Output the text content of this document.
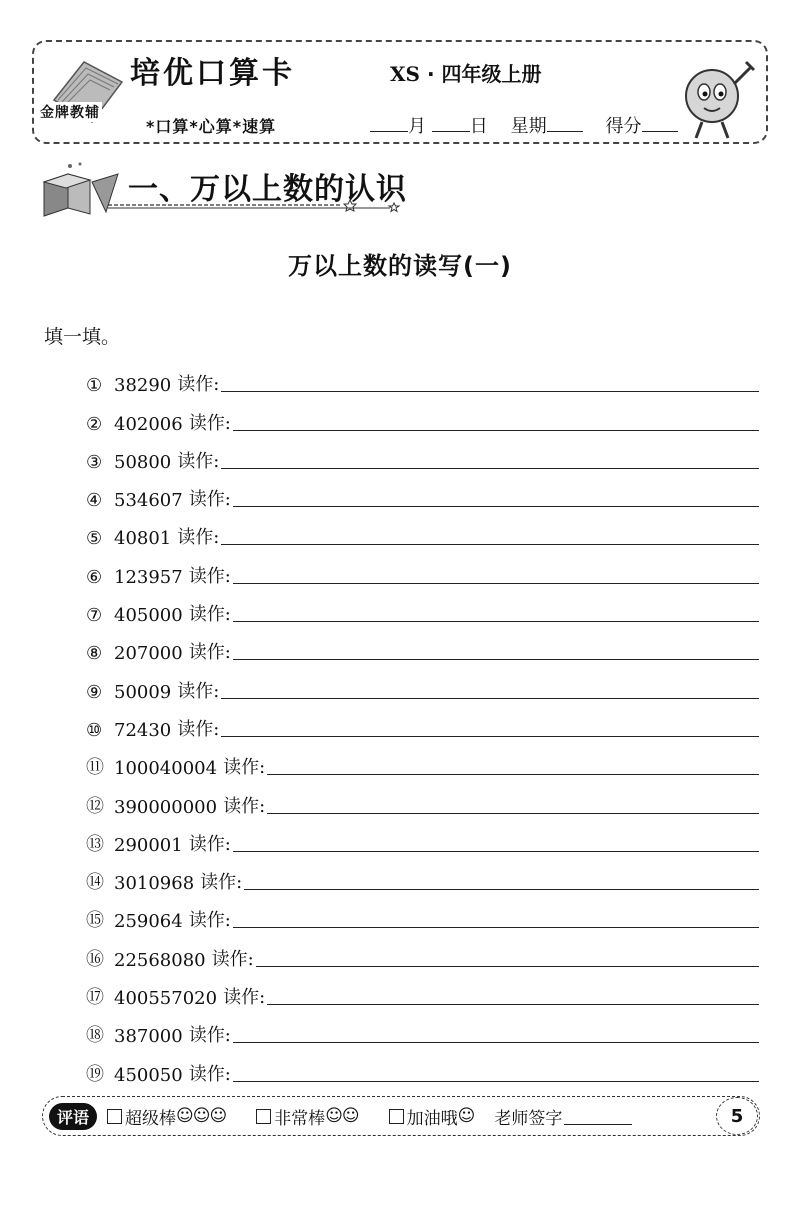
金牌教辅
培优口算卡	XS · 四年级上册
*口算*心算*速算	月 日 星期	得分
一、万以上数的认识
万以上数的读写(一)
填一填。
① 38290 读作:
② 402006 读作:
③ 50800 读作:
④ 534607 读作:
⑤ 40801 读作:
⑥ 123957 读作:
⑦ 405000 读作:
⑧ 207000 读作:
⑨ 50009 读作:
⑩ 72430 读作:
⑪ 100040004 读作:
⑫ 390000000 读作:
⑬ 290001 读作:
⑭ 3010968 读作:
⑮ 259064 读作:
⑯ 22568080 读作:
⑰ 400557020 读作:
⑱ 387000 读作:
⑲ 450050 读作:
评语	超级棒 ☺☺☺	非常棒 ☺☺	加油哦 ☺ 老师签字	5
